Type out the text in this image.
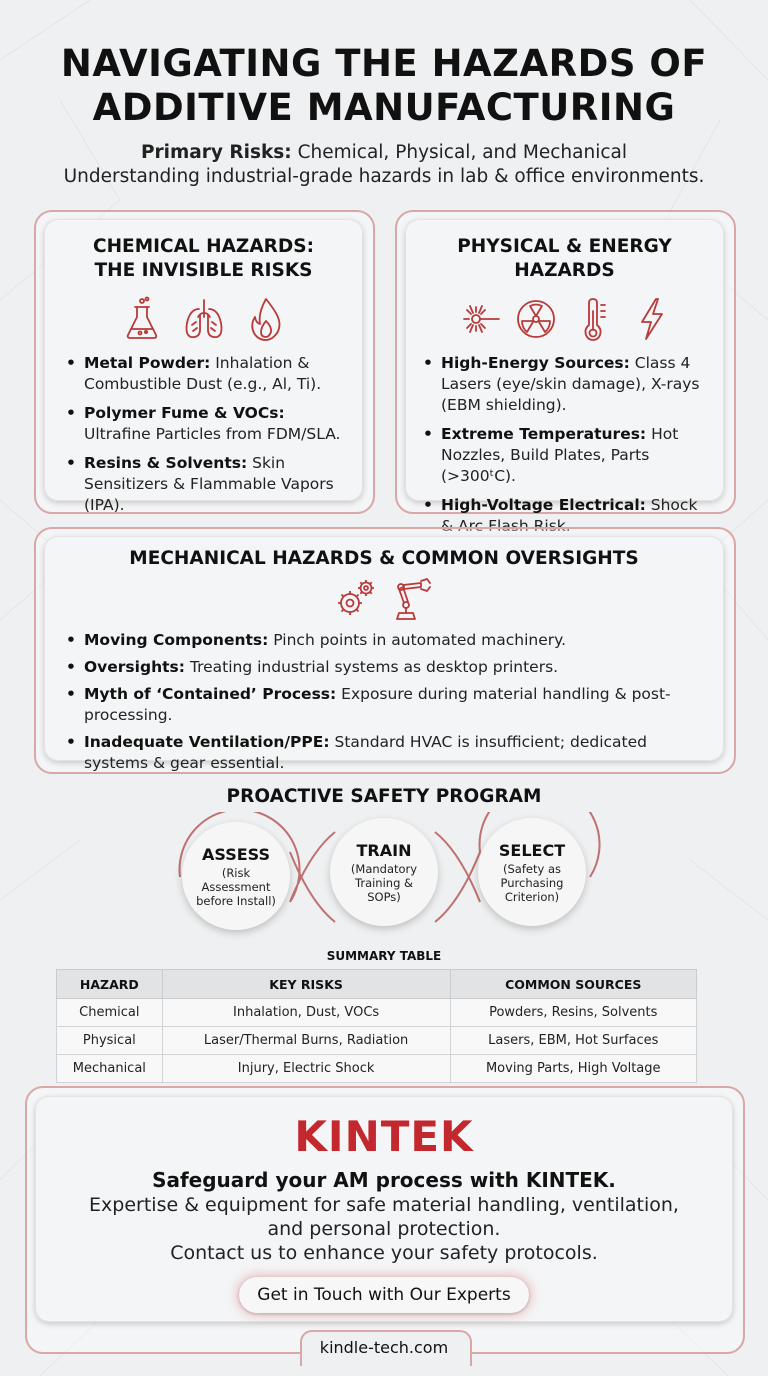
NAVIGATING THE HAZARDS OF
ADDITIVE MANUFACTURING
Primary Risks: Chemical, Physical, and Mechanical
Understanding industrial-grade hazards in lab & office environments.
CHEMICAL HAZARDS:
THE INVISIBLE RISKS
• Metal Powder: Inhalation & Combustible Dust (e.g., Al, Ti).
• Polymer Fume & VOCs: Ultrafine Particles from FDM/SLA.
• Resins & Solvents: Skin Sensitizers & Flammable Vapors (IPA).
PHYSICAL & ENERGY
HAZARDS
• High-Energy Sources: Class 4 Lasers (eye/skin damage), X-rays (EBM shielding).
• Extreme Temperatures: Hot Nozzles, Build Plates, Parts (>300ᵗC).
• High-Voltage Electrical: Shock & Arc Flash Risk.
MECHANICAL HAZARDS & COMMON OVERSIGHTS
• Moving Components: Pinch points in automated machinery.
• Oversights: Treating industrial systems as desktop printers.
• Myth of ‘Contained’ Process: Exposure during material handling & post-processing.
• Inadequate Ventilation/PPE: Standard HVAC is insufficient; dedicated systems & gear essential.
PROACTIVE SAFETY PROGRAM
ASSESS
(Risk Assessment before Install)
TRAIN
(Mandatory Training & SOPs)
SELECT
(Safety as Purchasing Criterion)
SUMMARY TABLE
HAZARD	KEY RISKS	COMMON SOURCES
Chemical	Inhalation, Dust, VOCs	Powders, Resins, Solvents
Physical	Laser/Thermal Burns, Radiation	Lasers, EBM, Hot Surfaces
Mechanical	Injury, Electric Shock	Moving Parts, High Voltage
KINTEK
Safeguard your AM process with KINTEK.
Expertise & equipment for safe material handling, ventilation,
and personal protection.
Contact us to enhance your safety protocols.
Get in Touch with Our Experts
kindle-tech.com
